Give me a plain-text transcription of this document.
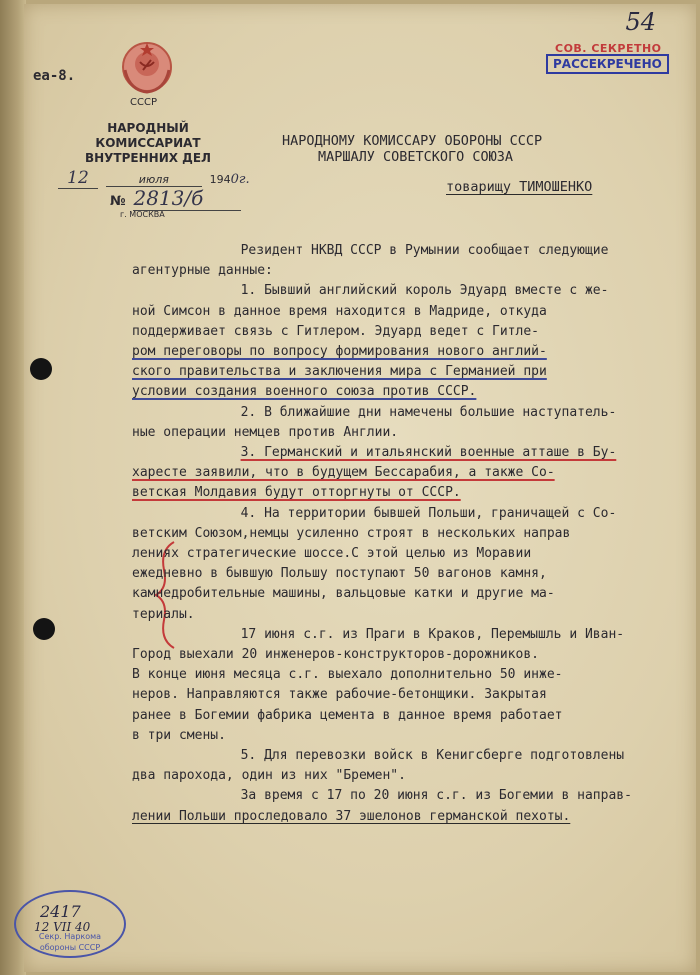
54
СОВ. СЕКРЕТНО
РАССЕКРЕЧЕНО
еа-8.
СССР
НАРОДНЫЙ КОМИССАРИАТ
ВНУТРЕННИХ ДЕЛ
12	июля	1940г.
№ 2813/б
г. МОСКВА
НАРОДНОМУ КОМИССАРУ ОБОРОНЫ СССР
МАРШАЛУ СОВЕТСКОГО СОЮЗА
товарищу ТИМОШЕНКО
Резидент НКВД СССР в Румынии сообщает следующие
агентурные данные:
1. Бывший английский король Эдуард вместе с же-
ной Симсон в данное время находится в Мадриде, откуда
поддерживает связь с Гитлером. Эдуард ведет с Гитле-
ром переговоры по вопросу формирования нового англий-
ского правительства и заключения мира с Германией при
условии создания военного союза против СССР.
2. В ближайшие дни намечены большие наступатель-
ные операции немцев против Англии.
3. Германский и итальянский военные атташе в Бу-
харесте заявили, что в будущем Бессарабия, а также Со-
ветская Молдавия будут отторгнуты от СССР.
4. На территории бывшей Польши, граничащей с Со-
ветским Союзом,немцы усиленно строят в нескольких направ
лениях стратегические шоссе.С этой целью из Моравии
ежедневно в бывшую Польшу поступают 50 вагонов камня,
камнедробительные машины, вальцовые катки и другие ма-
териалы.
17 июня с.г. из Праги в Краков, Перемышль и Иван-
Город выехали 20 инженеров-конструкторов-дорожников.
В конце июня месяца с.г. выехало дополнительно 50 инже-
неров. Направляются также рабочие-бетонщики. Закрытая
ранее в Богемии фабрика цемента в данное время работает
в три смены.
5. Для перевозки войск в Кенигсберге подготовлены
два парохода, один из них "Бремен".
За время с 17 по 20 июня с.г. из Богемии в направ-
лении Польши проследовало 37 эшелонов германской пехоты.
2417
12 VII 40
Секр. Наркома
обороны СССР
